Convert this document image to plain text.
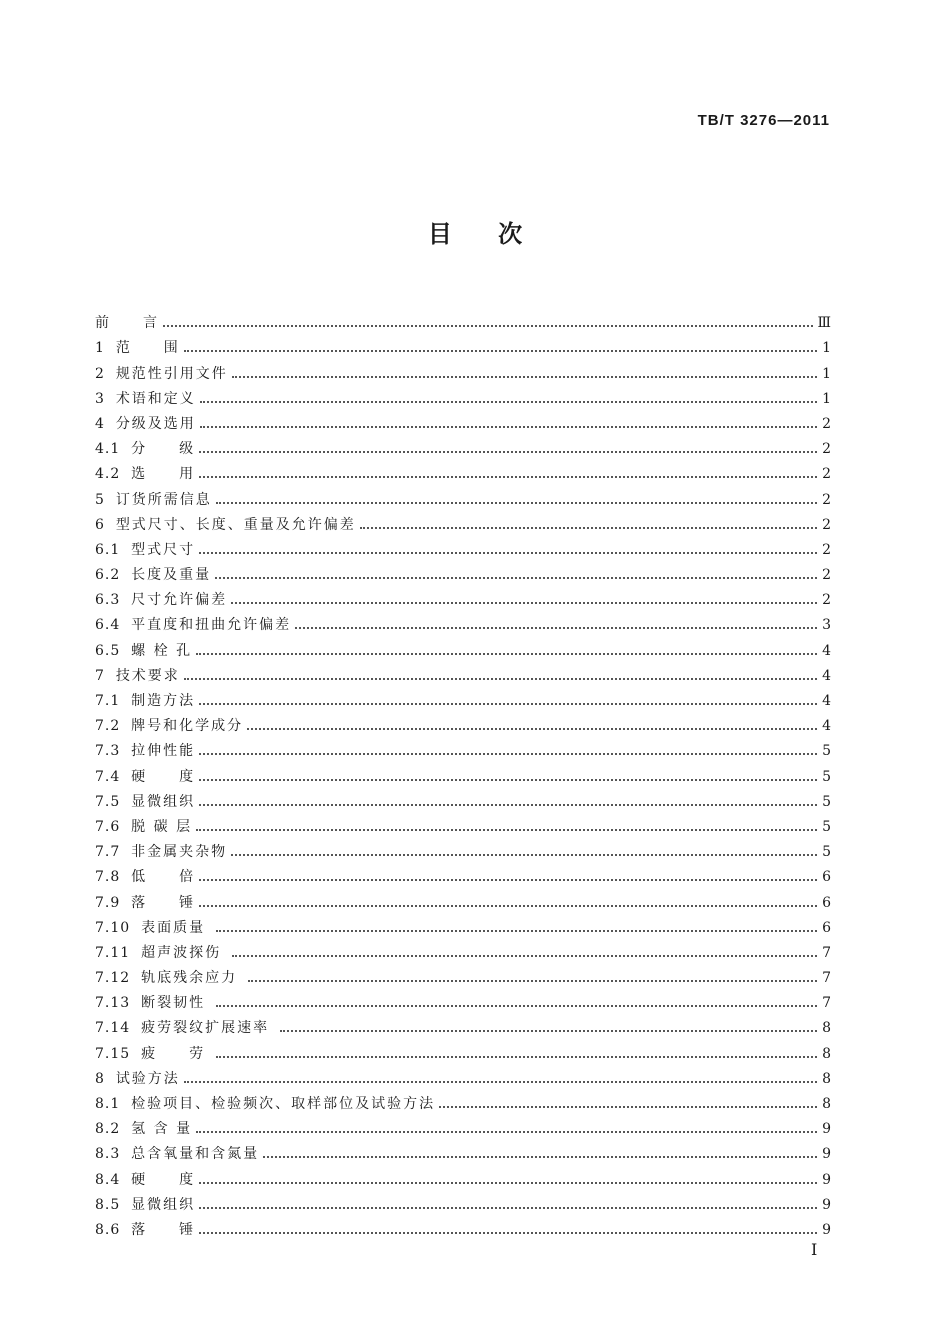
TB/T 3276—2011
目 次
前　　言	Ⅲ
1 范　　围	1
2 规范性引用文件	1
3 术语和定义	1
4 分级及选用	2
4.1 分　　级	2
4.2 选　　用	2
5 订货所需信息	2
6 型式尺寸、长度、重量及允许偏差	2
6.1 型式尺寸	2
6.2 长度及重量	2
6.3 尺寸允许偏差	2
6.4 平直度和扭曲允许偏差	3
6.5 螺 栓 孔	4
7 技术要求	4
7.1 制造方法	4
7.2 牌号和化学成分	4
7.3 拉伸性能	5
7.4 硬　　度	5
7.5 显微组织	5
7.6 脱 碳 层	5
7.7 非金属夹杂物	5
7.8 低　　倍	6
7.9 落　　锤	6
7.10 表面质量	6
7.11 超声波探伤	7
7.12 轨底残余应力	7
7.13 断裂韧性	7
7.14 疲劳裂纹扩展速率	8
7.15 疲　　劳	8
8 试验方法	8
8.1 检验项目、检验频次、取样部位及试验方法	8
8.2 氢 含 量	9
8.3 总含氧量和含氮量	9
8.4 硬　　度	9
8.5 显微组织	9
8.6 落　　锤	9
I
